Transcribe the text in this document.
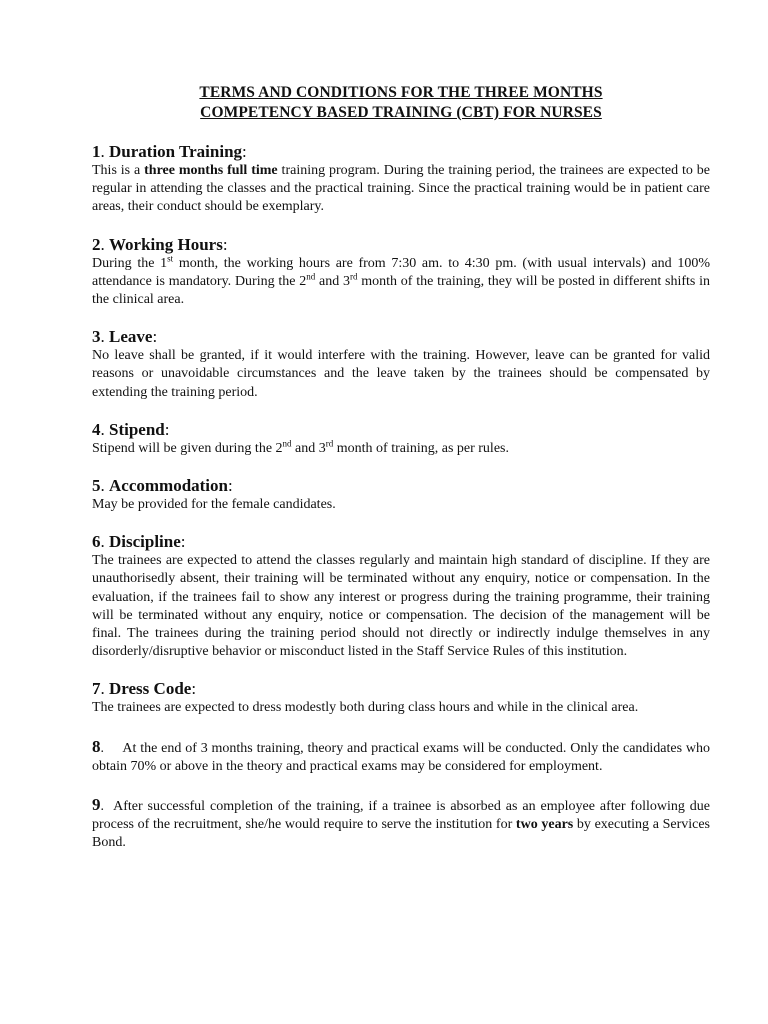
TERMS AND CONDITIONS FOR THE THREE MONTHS
COMPETENCY BASED TRAINING (CBT) FOR NURSES

1. Duration Training:

This is a three months full time training program. During the training period, the trainees are expected to be regular in attending the classes and the practical training. Since the practical training would be in patient care areas, their conduct should be exemplary.

2. Working Hours:

During the 1st month, the working hours are from 7:30 am. to 4:30 pm. (with usual intervals) and 100% attendance is mandatory. During the 2nd and 3rd month of the training, they will be posted in different shifts in the clinical area.

3. Leave:

No leave shall be granted, if it would interfere with the training. However, leave can be granted for valid reasons or unavoidable circumstances and the leave taken by the trainees should be compensated by extending the training period.

4. Stipend:

Stipend will be given during the 2nd and 3rd month of training, as per rules.

5. Accommodation:

May be provided for the female candidates.

6. Discipline:

The trainees are expected to attend the classes regularly and maintain high standard of discipline. If they are unauthorisedly absent, their training will be terminated without any enquiry, notice or compensation. In the evaluation, if the trainees fail to show any interest or progress during the training programme, their training will be terminated without any enquiry, notice or compensation. The decision of the management will be final. The trainees during the training period should not directly or indirectly indulge themselves in any disorderly/disruptive behavior or misconduct listed in the Staff Service Rules of this institution.

7. Dress Code:

The trainees are expected to dress modestly both during class hours and while in the clinical area.

8.     At the end of 3 months training, theory and practical exams will be conducted. Only the candidates who obtain 70% or above in the theory and practical exams may be considered for employment.

9.  After successful completion of the training, if a trainee is absorbed as an employee after following due process of the recruitment, she/he would require to serve the institution for two years by executing a Services Bond.
